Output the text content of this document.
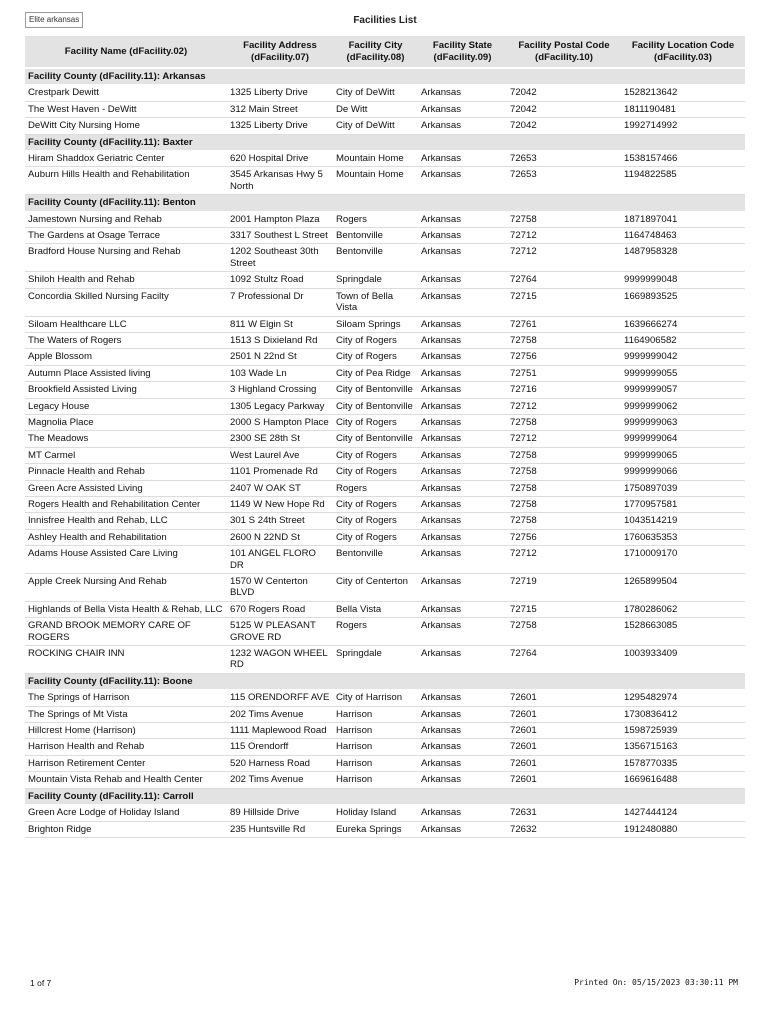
Elite arkansas	Facilities List
Facility Name (dFacility.02)	Facility Address (dFacility.07)	Facility City (dFacility.08)	Facility State (dFacility.09)	Facility Postal Code (dFacility.10)	Facility Location Code (dFacility.03)
Facility County (dFacility.11): Arkansas					
Crestpark Dewitt	1325 Liberty Drive	City of DeWitt	Arkansas	72042	1528213642
The West Haven - DeWitt	312 Main Street	De Witt	Arkansas	72042	1811190481
DeWitt City Nursing Home	1325 Liberty Drive	City of DeWitt	Arkansas	72042	1992714992
Facility County (dFacility.11): Baxter					
Hiram Shaddox Geriatric Center	620 Hospital Drive	Mountain Home	Arkansas	72653	1538157466
Auburn Hills Health and Rehabilitation	3545 Arkansas Hwy 5 North	Mountain Home	Arkansas	72653	1194822585
Facility County (dFacility.11): Benton					
Jamestown Nursing and Rehab	2001 Hampton Plaza	Rogers	Arkansas	72758	1871897041
The Gardens at Osage Terrace	3317 Southest L Street	Bentonville	Arkansas	72712	1164748463
Bradford House Nursing and Rehab	1202 Southeast 30th Street	Bentonville	Arkansas	72712	1487958328
Shiloh Health and Rehab	1092 Stultz Road	Springdale	Arkansas	72764	9999999048
Concordia Skilled Nursing Facilty	7 Professional Dr	Town of Bella Vista	Arkansas	72715	1669893525
Siloam Healthcare LLC	811 W Elgin St	Siloam Springs	Arkansas	72761	1639666274
The Waters of Rogers	1513 S Dixieland Rd	City of Rogers	Arkansas	72758	1164906582
Apple Blossom	2501 N 22nd St	City of Rogers	Arkansas	72756	9999999042
Autumn Place Assisted living	103 Wade Ln	City of Pea Ridge	Arkansas	72751	9999999055
Brookfield Assisted Living	3 Highland Crossing	City of Bentonville	Arkansas	72716	9999999057
Legacy House	1305 Legacy Parkway	City of Bentonville	Arkansas	72712	9999999062
Magnolia Place	2000 S Hampton Place	City of Rogers	Arkansas	72758	9999999063
The Meadows	2300 SE 28th St	City of Bentonville	Arkansas	72712	9999999064
MT Carmel	West Laurel Ave	City of Rogers	Arkansas	72758	9999999065
Pinnacle Health and Rehab	1101 Promenade Rd	City of Rogers	Arkansas	72758	9999999066
Green Acre Assisted Living	2407 W OAK ST	Rogers	Arkansas	72758	1750897039
Rogers Health and Rehabilitation Center	1149 W New Hope Rd	City of Rogers	Arkansas	72758	1770957581
Innisfree Health and Rehab, LLC	301 S 24th Street	City of Rogers	Arkansas	72758	1043514219
Ashley Health and Rehabilitation	2600 N 22ND St	City of Rogers	Arkansas	72756	1760635353
Adams House Assisted Care Living	101 ANGEL FLORO DR	Bentonville	Arkansas	72712	1710009170
Apple Creek Nursing And Rehab	1570 W Centerton BLVD	City of Centerton	Arkansas	72719	1265899504
Highlands of Bella Vista Health & Rehab, LLC	670 Rogers Road	Bella Vista	Arkansas	72715	1780286062
GRAND BROOK MEMORY CARE OF ROGERS	5125 W PLEASANT GROVE RD	Rogers	Arkansas	72758	1528663085
ROCKING CHAIR INN	1232 WAGON WHEEL RD	Springdale	Arkansas	72764	1003933409
Facility County (dFacility.11): Boone					
The Springs of Harrison	115 ORENDORFF AVE	City of Harrison	Arkansas	72601	1295482974
The Springs of Mt Vista	202 Tims Avenue	Harrison	Arkansas	72601	1730836412
Hillcrest Home (Harrison)	1111 Maplewood Road	Harrison	Arkansas	72601	1598725939
Harrison Health and Rehab	115 Orendorff	Harrison	Arkansas	72601	1356715163
Harrison Retirement Center	520 Harness Road	Harrison	Arkansas	72601	1578770335
Mountain Vista Rehab and Health Center	202 Tims Avenue	Harrison	Arkansas	72601	1669616488
Facility County (dFacility.11): Carroll					
Green Acre Lodge of Holiday Island	89 Hillside Drive	Holiday Island	Arkansas	72631	1427444124
Brighton Ridge	235 Huntsville Rd	Eureka Springs	Arkansas	72632	1912480880
1 of 7	Printed On: 05/15/2023 03:30:11 PM
